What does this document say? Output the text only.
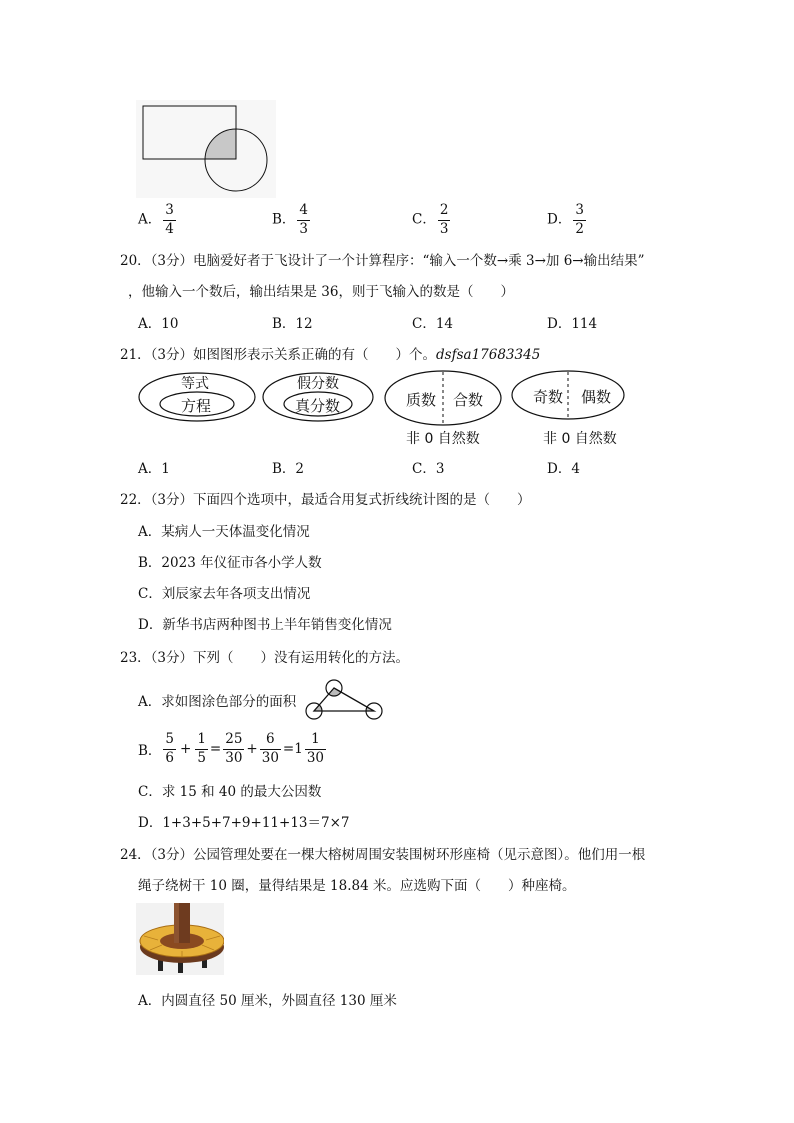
A． $\frac{3}{4}$	B． $\frac{4}{3}$	C． $\frac{2}{3}$	D． $\frac{3}{2}$
20．（3分）电脑爱好者于飞设计了一个计算程序：“输入一个数→乘 3→加 6→输出结果”
，他输入一个数后，输出结果是 36，则于飞输入的数是（　　）
A．10	B．12	C．14	D．114
21．（3分）如图图形表示关系正确的有（　　）个。dsfsa17683345
等式
方程
假分数
真分数	质数 合数
非 0 自然数
奇数 偶数
非 0 自然数
A．1	B．2	C．3	D．4
22．（3分）下面四个选项中，最适合用复式折线统计图的是（　　）
A．某病人一天体温变化情况
B．2023 年仪征市各小学人数
C．刘辰家去年各项支出情况
D．新华书店两种图书上半年销售变化情况
23．（3分）下列（　　）没有运用转化的方法。
A．求如图涂色部分的面积
B． $\frac{5}{6} + \frac{1}{5} = \frac{25}{30} + \frac{6}{30} =1 \frac{1}{30}$
C．求 15 和 40 的最大公因数
D．1+3+5+7+9+11+13＝7×7
24．（3分）公园管理处要在一棵大榕树周围安装围树环形座椅（见示意图）。他们用一根
绳子绕树干 10 圈，量得结果是 18.84 米。应选购下面（　　）种座椅。
A．内圆直径 50 厘米，外圆直径 130 厘米
